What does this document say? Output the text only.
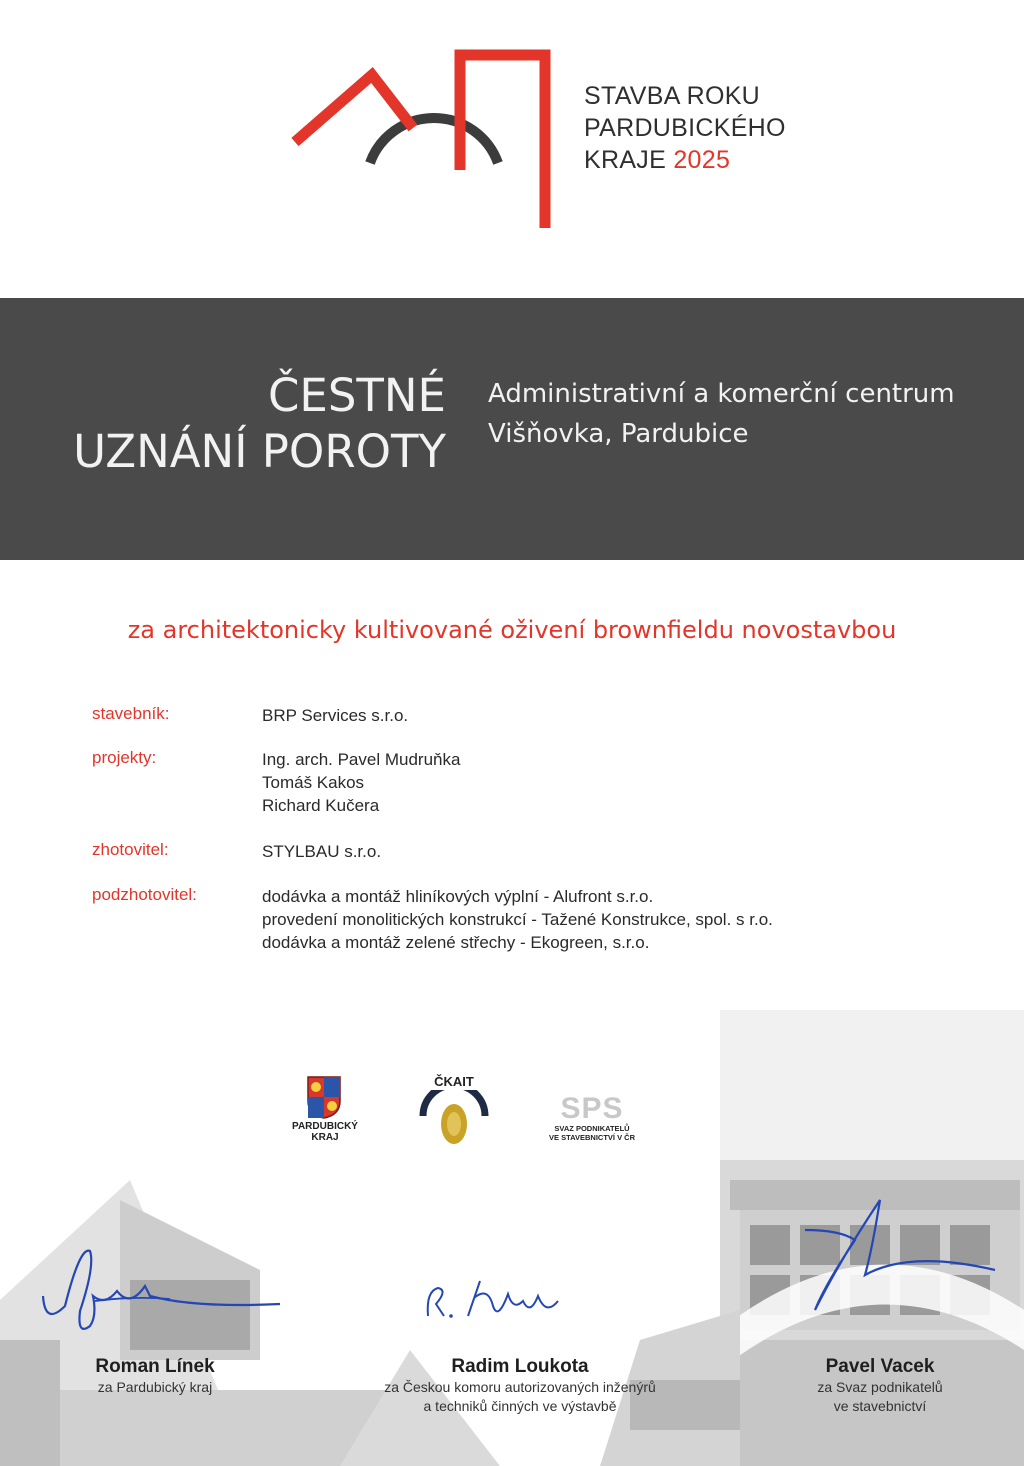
STAVBA ROKU
PARDUBICKÉHO
KRAJE 2025
ČESTNÉ
UZNÁNÍ POROTY
Administrativní a komerční centrum
Višňovka, Pardubice
za architektonicky kultivované oživení brownfieldu novostavbou
stavebník:	BRP Services s.r.o.
projekty:	Ing. arch. Pavel Mudruňka
Tomáš Kakos
Richard Kučera
zhotovitel:	STYLBAU s.r.o.
podzhotovitel:	dodávka a montáž hliníkových výplní - Alufront s.r.o.
provedení monolitických konstrukcí - Tažené Konstrukce, spol. s r.o.
dodávka a montáž zelené střechy - Ekogreen, s.r.o.
PARDUBICKÝ
KRAJ
ČKAIT
SPS
SVAZ PODNIKATELŮ
VE STAVEBNICTVÍ V ČR
Roman Línek
za Pardubický kraj
Radim Loukota
za Českou komoru autorizovaných inženýrů
a techniků činných ve výstavbě
Pavel Vacek
za Svaz podnikatelů
ve stavebnictví
